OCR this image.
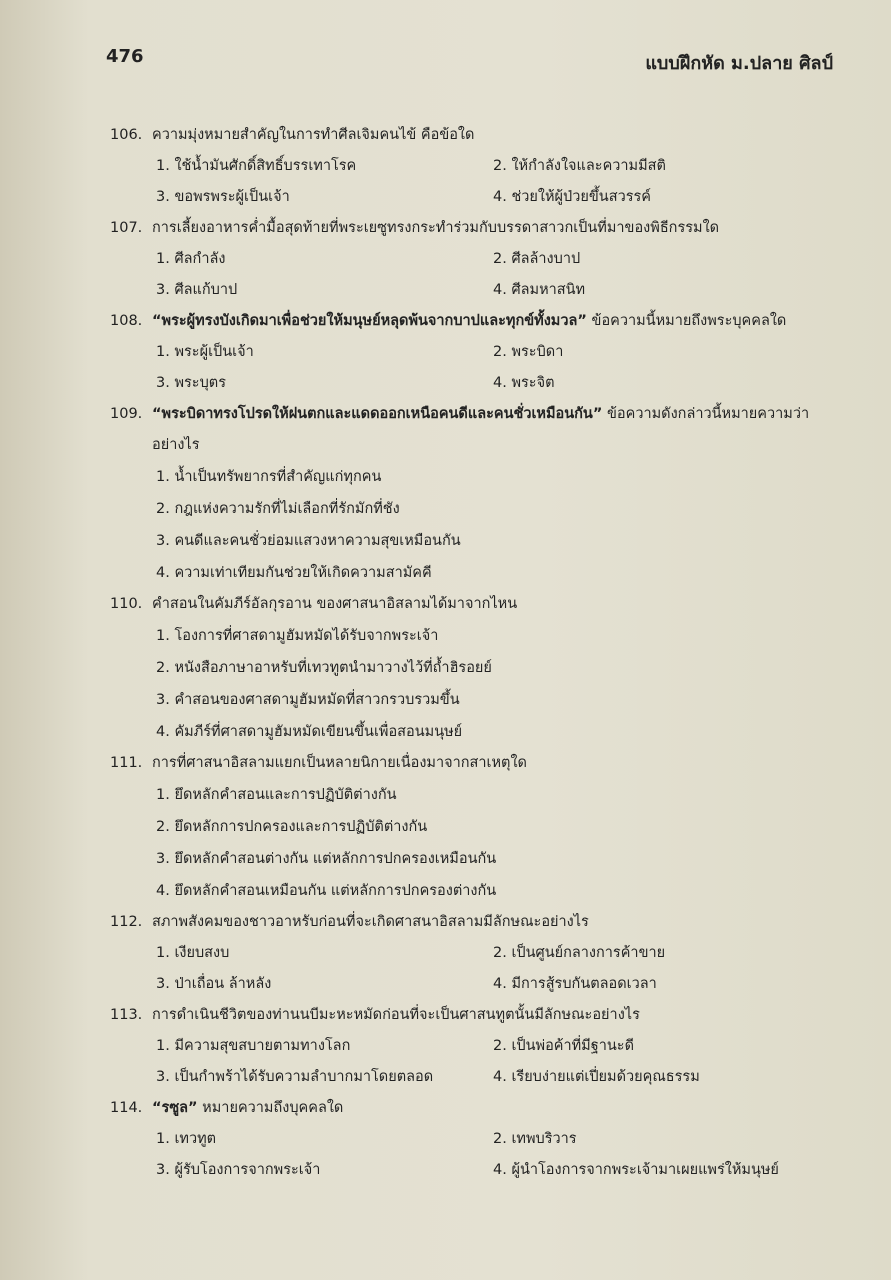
476	แบบฝึกหัด ม.ปลาย ศิลป์
106. ความมุ่งหมายสำคัญในการทำศีลเจิมคนไข้ คือข้อใด
1. ใช้น้ำมันศักดิ์สิทธิ์บรรเทาโรค	2. ให้กำลังใจและความมีสติ
3. ขอพรพระผู้เป็นเจ้า	4. ช่วยให้ผู้ป่วยขึ้นสวรรค์
107. การเลี้ยงอาหารค่ำมื้อสุดท้ายที่พระเยซูทรงกระทำร่วมกับบรรดาสาวกเป็นที่มาของพิธีกรรมใด
1. ศีลกำลัง	2. ศีลล้างบาป
3. ศีลแก้บาป	4. ศีลมหาสนิท
108. “พระผู้ทรงบังเกิดมาเพื่อช่วยให้มนุษย์หลุดพ้นจากบาปและทุกข์ทั้งมวล” ข้อความนี้หมายถึงพระบุคคลใด
1. พระผู้เป็นเจ้า	2. พระบิดา
3. พระบุตร	4. พระจิต
109. “พระบิดาทรงโปรดให้ฝนตกและแดดออกเหนือคนดีและคนชั่วเหมือนกัน” ข้อความดังกล่าวนี้หมายความว่าอย่างไร
1. น้ำเป็นทรัพยากรที่สำคัญแก่ทุกคน
2. กฎแห่งความรักที่ไม่เลือกที่รักมักที่ชัง
3. คนดีและคนชั่วย่อมแสวงหาความสุขเหมือนกัน
4. ความเท่าเทียมกันช่วยให้เกิดความสามัคคี
110. คำสอนในคัมภีร์อัลกุรอาน ของศาสนาอิสลามได้มาจากไหน
1. โองการที่ศาสดามูฮัมหมัดได้รับจากพระเจ้า
2. หนังสือภาษาอาหรับที่เทวทูตนำมาวางไว้ที่ถ้ำฮิรอยย์
3. คำสอนของศาสดามูฮัมหมัดที่สาวกรวบรวมขึ้น
4. คัมภีร์ที่ศาสดามูฮัมหมัดเขียนขึ้นเพื่อสอนมนุษย์
111. การที่ศาสนาอิสลามแยกเป็นหลายนิกายเนื่องมาจากสาเหตุใด
1. ยึดหลักคำสอนและการปฏิบัติต่างกัน
2. ยึดหลักการปกครองและการปฏิบัติต่างกัน
3. ยึดหลักคำสอนต่างกัน แต่หลักการปกครองเหมือนกัน
4. ยึดหลักคำสอนเหมือนกัน แต่หลักการปกครองต่างกัน
112. สภาพสังคมของชาวอาหรับก่อนที่จะเกิดศาสนาอิสลามมีลักษณะอย่างไร
1. เงียบสงบ	2. เป็นศูนย์กลางการค้าขาย
3. ป่าเถื่อน ล้าหลัง	4. มีการสู้รบกันตลอดเวลา
113. การดำเนินชีวิตของท่านนบีมะหะหมัดก่อนที่จะเป็นศาสนทูตนั้นมีลักษณะอย่างไร
1. มีความสุขสบายตามทางโลก	2. เป็นพ่อค้าที่มีฐานะดี
3. เป็นกำพร้าได้รับความลำบากมาโดยตลอด	4. เรียบง่ายแต่เปี่ยมด้วยคุณธรรม
114. “รซูล” หมายความถึงบุคคลใด
1. เทวทูต	2. เทพบริวาร
3. ผู้รับโองการจากพระเจ้า	4. ผู้นำโองการจากพระเจ้ามาเผยแพร่ให้มนุษย์
